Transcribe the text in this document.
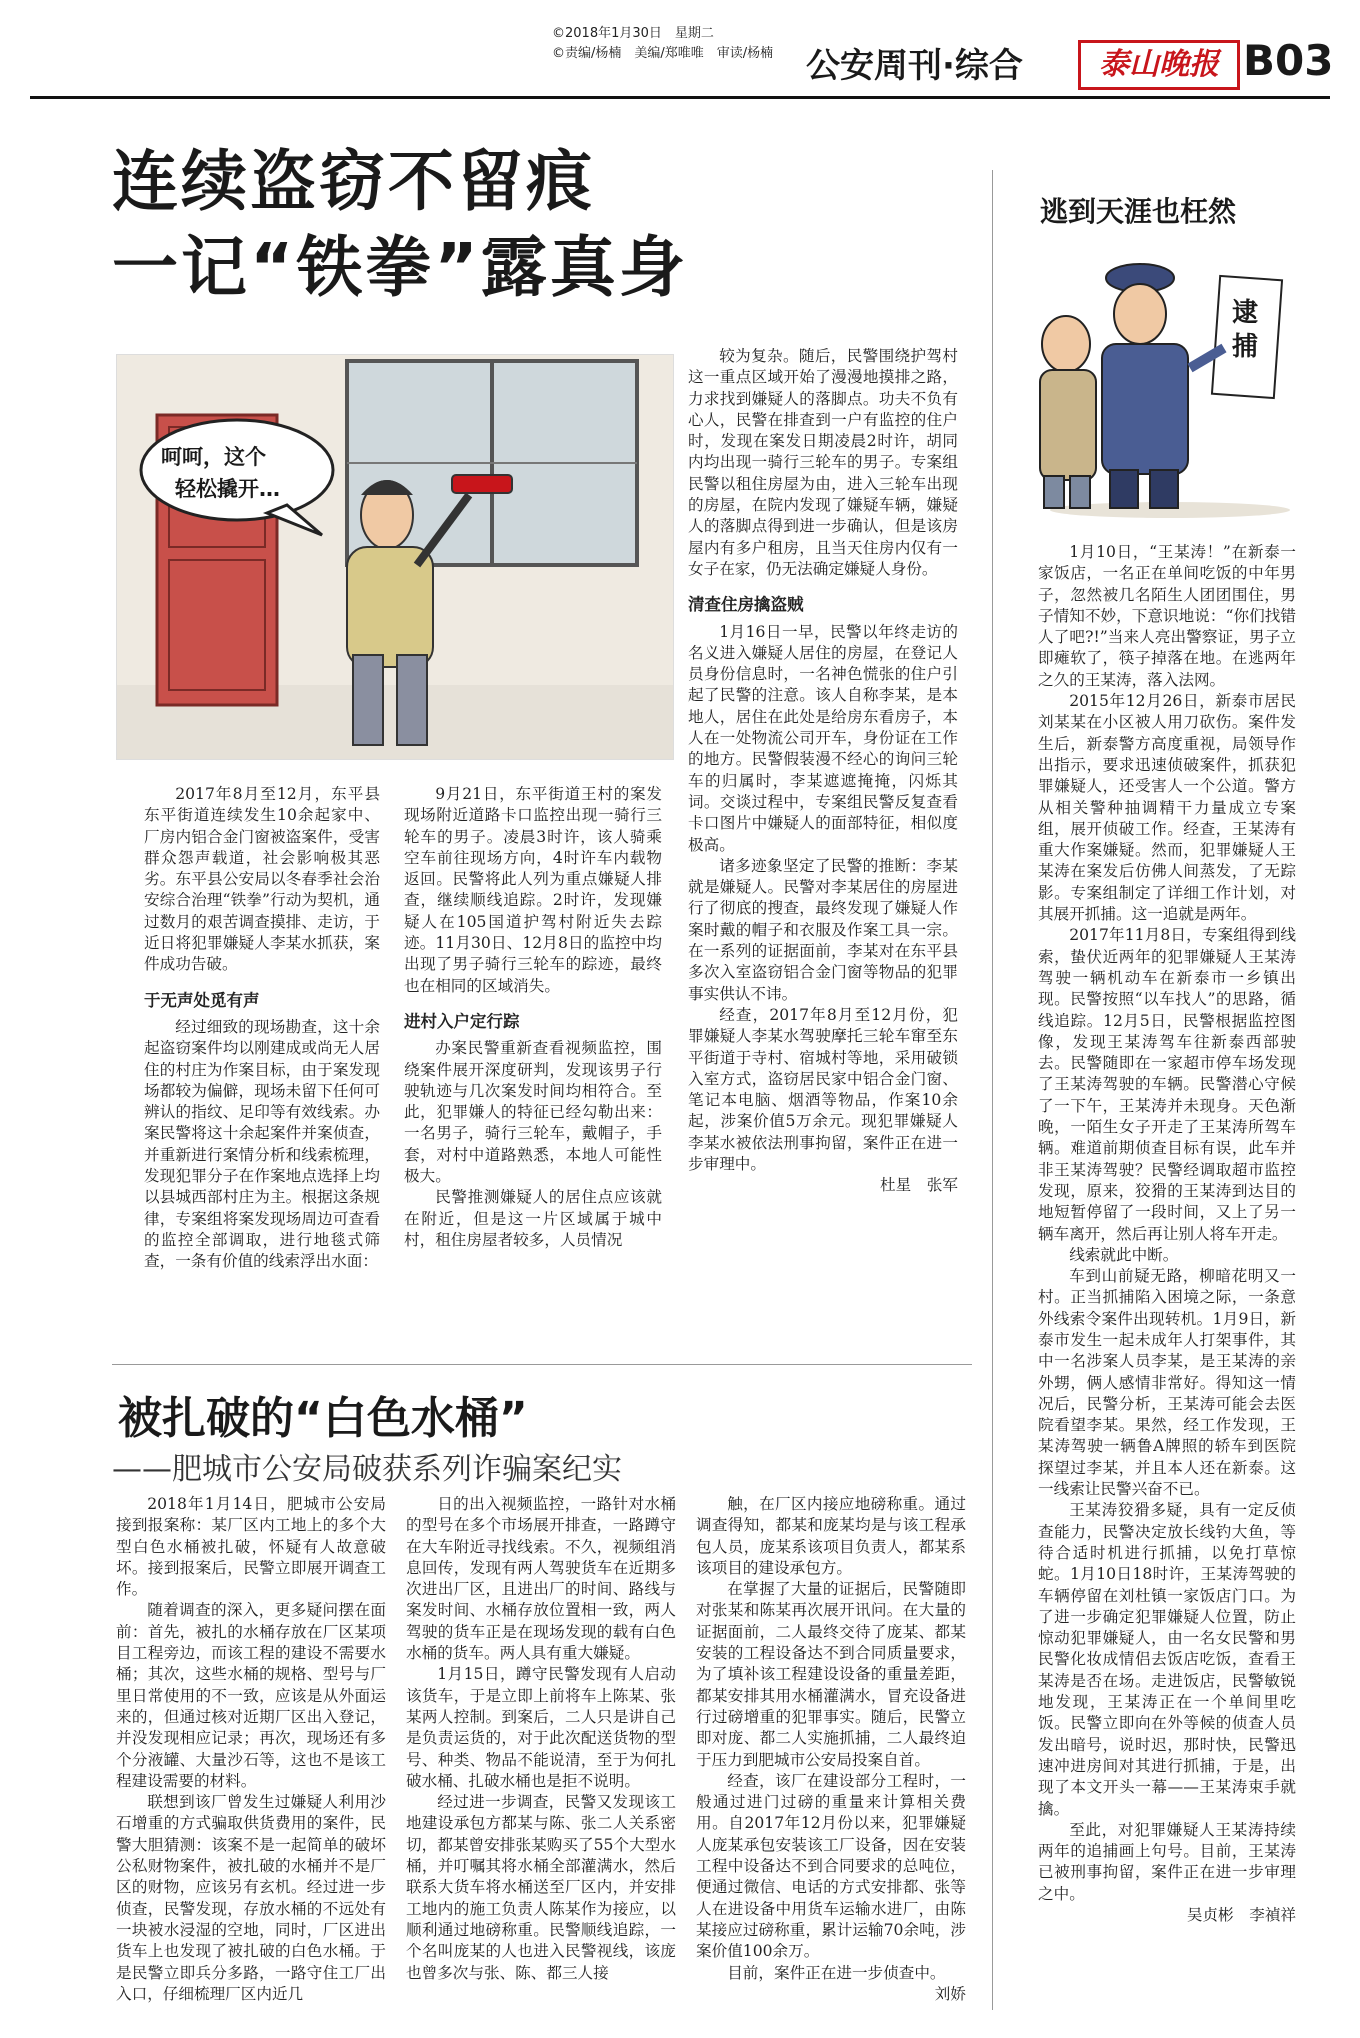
©2018年1月30日　星期二
©责编/杨楠　美编/郑唯唯　审读/杨楠 公安周刊·综合	泰山晚报 B03
连续盗窃不留痕
一记“铁拳”露真身
呵呵，这个
轻松撬开…

2017年8月至12月，东平县东平街道连续发生10余起家中、厂房内铝合金门窗被盗案件，受害群众怨声载道，社会影响极其恶劣。东平县公安局以冬春季社会治安综合治理“铁拳”行动为契机，通过数月的艰苦调查摸排、走访，于近日将犯罪嫌疑人李某水抓获，案件成功告破。

于无声处觅有声

经过细致的现场勘查，这十余起盗窃案件均以刚建成或尚无人居住的村庄为作案目标，由于案发现场都较为偏僻，现场未留下任何可辨认的指纹、足印等有效线索。办案民警将这十余起案件并案侦查，并重新进行案情分析和线索梳理，发现犯罪分子在作案地点选择上均以县城西部村庄为主。根据这条规律，专案组将案发现场周边可查看的监控全部调取，进行地毯式筛查，一条有价值的线索浮出水面：

9月21日，东平街道王村的案发现场附近道路卡口监控出现一骑行三轮车的男子。凌晨3时许，该人骑乘空车前往现场方向，4时许车内载物返回。民警将此人列为重点嫌疑人排查，继续顺线追踪。2时许，发现嫌疑人在105国道护驾村附近失去踪迹。11月30日、12月8日的监控中均出现了男子骑行三轮车的踪迹，最终也在相同的区域消失。

进村入户定行踪

办案民警重新查看视频监控，围绕案件展开深度研判，发现该男子行驶轨迹与几次案发时间均相符合。至此，犯罪嫌人的特征已经勾勒出来：一名男子，骑行三轮车，戴帽子，手套，对村中道路熟悉，本地人可能性极大。

民警推测嫌疑人的居住点应该就在附近，但是这一片区域属于城中村，租住房屋者较多，人员情况

较为复杂。随后，民警围绕护驾村这一重点区域开始了漫漫地摸排之路，力求找到嫌疑人的落脚点。功夫不负有心人，民警在排查到一户有监控的住户时，发现在案发日期凌晨2时许，胡同内均出现一骑行三轮车的男子。专案组民警以租住房屋为由，进入三轮车出现的房屋，在院内发现了嫌疑车辆，嫌疑人的落脚点得到进一步确认，但是该房屋内有多户租房，且当天住房内仅有一女子在家，仍无法确定嫌疑人身份。

清查住房擒盗贼

1月16日一早，民警以年终走访的名义进入嫌疑人居住的房屋，在登记人员身份信息时，一名神色慌张的住户引起了民警的注意。该人自称李某，是本地人，居住在此处是给房东看房子，本人在一处物流公司开车，身份证在工作的地方。民警假装漫不经心的询问三轮车的归属时，李某遮遮掩掩，闪烁其词。交谈过程中，专案组民警反复查看卡口图片中嫌疑人的面部特征，相似度极高。

诸多迹象坚定了民警的推断：李某就是嫌疑人。民警对李某居住的房屋进行了彻底的搜查，最终发现了嫌疑人作案时戴的帽子和衣服及作案工具一宗。在一系列的证据面前，李某对在东平县多次入室盗窃铝合金门窗等物品的犯罪事实供认不讳。

经查，2017年8月至12月份，犯罪嫌疑人李某水驾驶摩托三轮车窜至东平街道于寺村、宿城村等地，采用破锁入室方式，盗窃居民家中铝合金门窗、笔记本电脑、烟酒等物品，作案10余起，涉案价值5万余元。现犯罪嫌疑人李某水被依法刑事拘留，案件正在进一步审理中。

杜星　张军

被扎破的“白色水桶”
——肥城市公安局破获系列诈骗案纪实

2018年1月14日，肥城市公安局接到报案称：某厂区内工地上的多个大型白色水桶被扎破，怀疑有人故意破坏。接到报案后，民警立即展开调查工作。

随着调查的深入，更多疑问摆在面前：首先，被扎的水桶存放在厂区某项目工程旁边，而该工程的建设不需要水桶；其次，这些水桶的规格、型号与厂里日常使用的不一致，应该是从外面运来的，但通过核对近期厂区出入登记，并没发现相应记录；再次，现场还有多个分液罐、大量沙石等，这也不是该工程建设需要的材料。

联想到该厂曾发生过嫌疑人利用沙石增重的方式骗取供货费用的案件，民警大胆猜测：该案不是一起简单的破坏公私财物案件，被扎破的水桶并不是厂区的财物，应该另有玄机。经过进一步侦查，民警发现，存放水桶的不远处有一块被水浸湿的空地，同时，厂区进出货车上也发现了被扎破的白色水桶。于是民警立即兵分多路，一路守住工厂出入口，仔细梳理厂区内近几

日的出入视频监控，一路针对水桶的型号在多个市场展开排查，一路蹲守在大车附近寻找线索。不久，视频组消息回传，发现有两人驾驶货车在近期多次进出厂区，且进出厂的时间、路线与案发时间、水桶存放位置相一致，两人驾驶的货车正是在现场发现的载有白色水桶的货车。两人具有重大嫌疑。

1月15日，蹲守民警发现有人启动该货车，于是立即上前将车上陈某、张某两人控制。到案后，二人只是讲自己是负责运货的，对于此次配送货物的型号、种类、物品不能说清，至于为何扎破水桶、扎破水桶也是拒不说明。

经过进一步调查，民警又发现该工地建设承包方都某与陈、张二人关系密切，都某曾安排张某购买了55个大型水桶，并叮嘱其将水桶全部灌满水，然后联系大货车将水桶送至厂区内，并安排工地内的施工负责人陈某作为接应，以顺利通过地磅称重。民警顺线追踪，一个名叫庞某的人也进入民警视线，该庞也曾多次与张、陈、都三人接

触，在厂区内接应地磅称重。通过调查得知，都某和庞某均是与该工程承包人员，庞某系该项目负责人，都某系该项目的建设承包方。

在掌握了大量的证据后，民警随即对张某和陈某再次展开讯问。在大量的证据面前，二人最终交待了庞某、都某安装的工程设备达不到合同质量要求，为了填补该工程建设设备的重量差距，都某安排其用水桶灌满水，冒充设备进行过磅增重的犯罪事实。随后，民警立即对庞、都二人实施抓捕，二人最终迫于压力到肥城市公安局投案自首。

经查，该厂在建设部分工程时，一般通过进门过磅的重量来计算相关费用。自2017年12月份以来，犯罪嫌疑人庞某承包安装该工厂设备，因在安装工程中设备达不到合同要求的总吨位，便通过微信、电话的方式安排都、张等人在进设备中用货车运输水进厂，由陈某接应过磅称重，累计运输70余吨，涉案价值100余万。

目前，案件正在进一步侦查中。

刘娇

逃到天涯也枉然
逮捕

1月10日，“王某涛！”在新泰一家饭店，一名正在单间吃饭的中年男子，忽然被几名陌生人团团围住，男子情知不妙，下意识地说：“你们找错人了吧?!”当来人亮出警察证，男子立即瘫软了，筷子掉落在地。在逃两年之久的王某涛，落入法网。

2015年12月26日，新泰市居民刘某某在小区被人用刀砍伤。案件发生后，新泰警方高度重视，局领导作出指示，要求迅速侦破案件，抓获犯罪嫌疑人，还受害人一个公道。警方从相关警种抽调精干力量成立专案组，展开侦破工作。经查，王某涛有重大作案嫌疑。然而，犯罪嫌疑人王某涛在案发后仿佛人间蒸发，了无踪影。专案组制定了详细工作计划，对其展开抓捕。这一追就是两年。

2017年11月8日，专案组得到线索，蛰伏近两年的犯罪嫌疑人王某涛驾驶一辆机动车在新泰市一乡镇出现。民警按照“以车找人”的思路，循线追踪。12月5日，民警根据监控图像，发现王某涛驾车往新泰西部驶去。民警随即在一家超市停车场发现了王某涛驾驶的车辆。民警潜心守候了一下午，王某涛并未现身。天色渐晚，一陌生女子开走了王某涛所驾车辆。难道前期侦查目标有误，此车并非王某涛驾驶？民警经调取超市监控发现，原来，狡猾的王某涛到达目的地短暂停留了一段时间，又上了另一辆车离开，然后再让别人将车开走。

线索就此中断。

车到山前疑无路，柳暗花明又一村。正当抓捕陷入困境之际，一条意外线索令案件出现转机。1月9日，新泰市发生一起未成年人打架事件，其中一名涉案人员李某，是王某涛的亲外甥，俩人感情非常好。得知这一情况后，民警分析，王某涛可能会去医院看望李某。果然，经工作发现，王某涛驾驶一辆鲁A牌照的轿车到医院探望过李某，并且本人还在新泰。这一线索让民警兴奋不已。

王某涛狡猾多疑，具有一定反侦查能力，民警决定放长线钓大鱼，等待合适时机进行抓捕，以免打草惊蛇。1月10日18时许，王某涛驾驶的车辆停留在刘杜镇一家饭店门口。为了进一步确定犯罪嫌疑人位置，防止惊动犯罪嫌疑人，由一名女民警和男民警化妆成情侣去饭店吃饭，查看王某涛是否在场。走进饭店，民警敏锐地发现，王某涛正在一个单间里吃饭。民警立即向在外等候的侦查人员发出暗号，说时迟，那时快，民警迅速冲进房间对其进行抓捕，于是，出现了本文开头一幕——王某涛束手就擒。

至此，对犯罪嫌疑人王某涛持续两年的追捕画上句号。目前，王某涛已被刑事拘留，案件正在进一步审理之中。

吴贞彬　李禎祥
